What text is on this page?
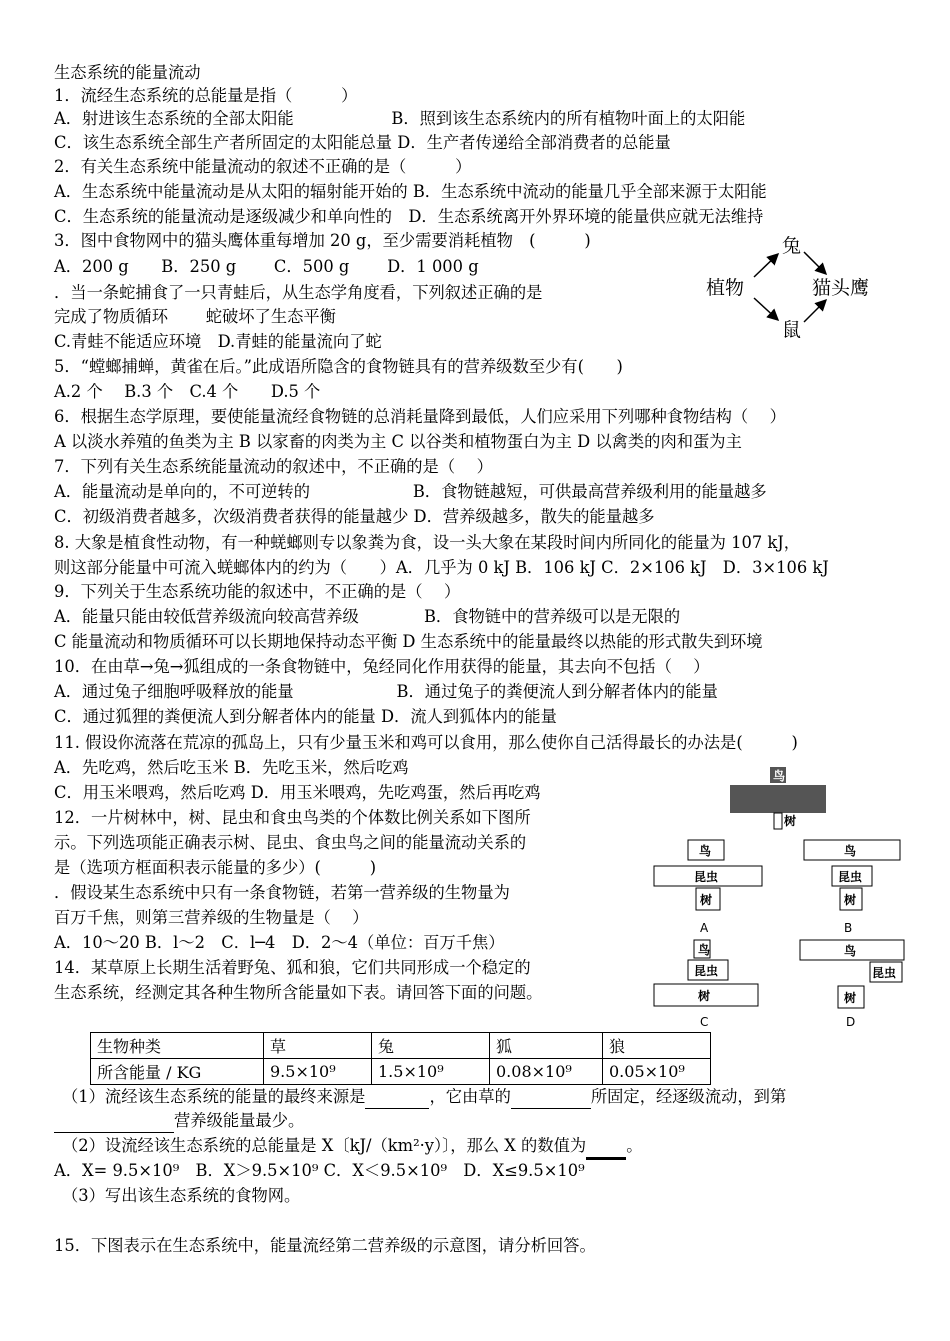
生态系统的能量流动
1．流经生态系统的总能量是指（　　　）
A．射进该生态系统的全部太阳能　　　　　　B．照到该生态系统内的所有植物叶面上的太阳能
C．该生态系统全部生产者所固定的太阳能总量 D．生产者传递给全部消费者的总能量
2．有关生态系统中能量流动的叙述不正确的是（　　　）
A．生态系统中能量流动是从太阳的辐射能开始的 B．生态系统中流动的能量几乎全部来源于太阳能
C．生态系统的能量流动是逐级减少和单向性的　D．生态系统离开外界环境的能量供应就无法维持
3．图中食物网中的猫头鹰体重每增加 20 g，至少需要消耗植物　(　　　)
A．200 g　　B．250 g　　 C．500 g　　 D．1 000 g
．当一条蛇捕食了一只青蛙后，从生态学角度看，下列叙述正确的是
完成了物质循环　　 蛇破坏了生态平衡
C.青蛙不能适应环境　D.青蛙的能量流向了蛇
5．“螳螂捕蝉，黄雀在后。”此成语所隐含的食物链具有的营养级数至少有(　　)
A.2 个　 B.3 个　C.4 个　　D.5 个
6．根据生态学原理，要使能量流经食物链的总消耗量降到最低，人们应采用下列哪种食物结构（　 ）
A 以淡水养殖的鱼类为主 B 以家畜的肉类为主 C 以谷类和植物蛋白为主 D 以禽类的肉和蛋为主
7．下列有关生态系统能量流动的叙述中，不正确的是（　 ）
A．能量流动是单向的，不可逆转的　　　　　　 B．食物链越短，可供最高营养级利用的能量越多
C．初级消费者越多，次级消费者获得的能量越少 D．营养级越多，散失的能量越多
8. 大象是植食性动物，有一种蜣螂则专以象粪为食，设一头大象在某段时间内所同化的能量为 107 kJ，
则这部分能量中可流入蜣螂体内的约为（　　）A．几乎为 0 kJ B．106 kJ C．2×106 kJ　D．3×106 kJ
9．下列关于生态系统功能的叙述中，不正确的是（　 ）
A．能量只能由较低营养级流向较高营养级　　　　B．食物链中的营养级可以是无限的
C 能量流动和物质循环可以长期地保持动态平衡 D 生态系统中的能量最终以热能的形式散失到环境
10．在由草→兔→狐组成的一条食物链中，兔经同化作用获得的能量，其去向不包括（　 ）
A．通过兔子细胞呼吸释放的能量　　　　　　 B．通过兔子的粪便流人到分解者体内的能量
C．通过狐狸的粪便流人到分解者体内的能量 D．流人到狐体内的能量
11. 假设你流落在荒凉的孤岛上，只有少量玉米和鸡可以食用，那么使你自己活得最长的办法是(　　　)
A．先吃鸡，然后吃玉米 B．先吃玉米，然后吃鸡
C．用玉米喂鸡，然后吃鸡 D．用玉米喂鸡，先吃鸡蛋，然后再吃鸡
12．一片树林中，树、昆虫和食虫鸟类的个体数比例关系如下图所
示。下列选项能正确表示树、昆虫、食虫鸟之间的能量流动关系的
是（选项方框面积表示能量的多少）(　　　)
．假设某生态系统中只有一条食物链，若第一营养级的生物量为
百万千焦，则第三营养级的生物量是（　 ）
A．10～20 B．l～2　C．l─4　D．2～4（单位：百万千焦）
14．某草原上长期生活着野兔、狐和狼，它们共同形成一个稳定的
生态系统，经测定其各种生物所含能量如下表。请回答下面的问题。
生物种类	草	兔	狐	狼
所含能量 / KG	9.5×10⁹	1.5×10⁹	0.08×10⁹	0.05×10⁹
（1）流经该生态系统的能量的最终来源是	，它由草的	所固定，经逐级流动，到第
营养级能量最少。
（2）设流经该生态系统的总能量是 X〔kJ/（km²·y）〕，那么 X 的数值为 。
A．X= 9.5×10⁹　B．X＞9.5×10⁹ C．X＜9.5×10⁹　D．X≤9.5×10⁹
（3）写出该生态系统的食物网。
15．下图表示在生态系统中，能量流经第二营养级的示意图，请分析回答。
兔
植物	猫头鹰
鼠
鸟
树
鸟
昆虫
树
A
鸟
昆虫
树
B
鸟
昆虫
树
C
鸟
昆虫
树
D
